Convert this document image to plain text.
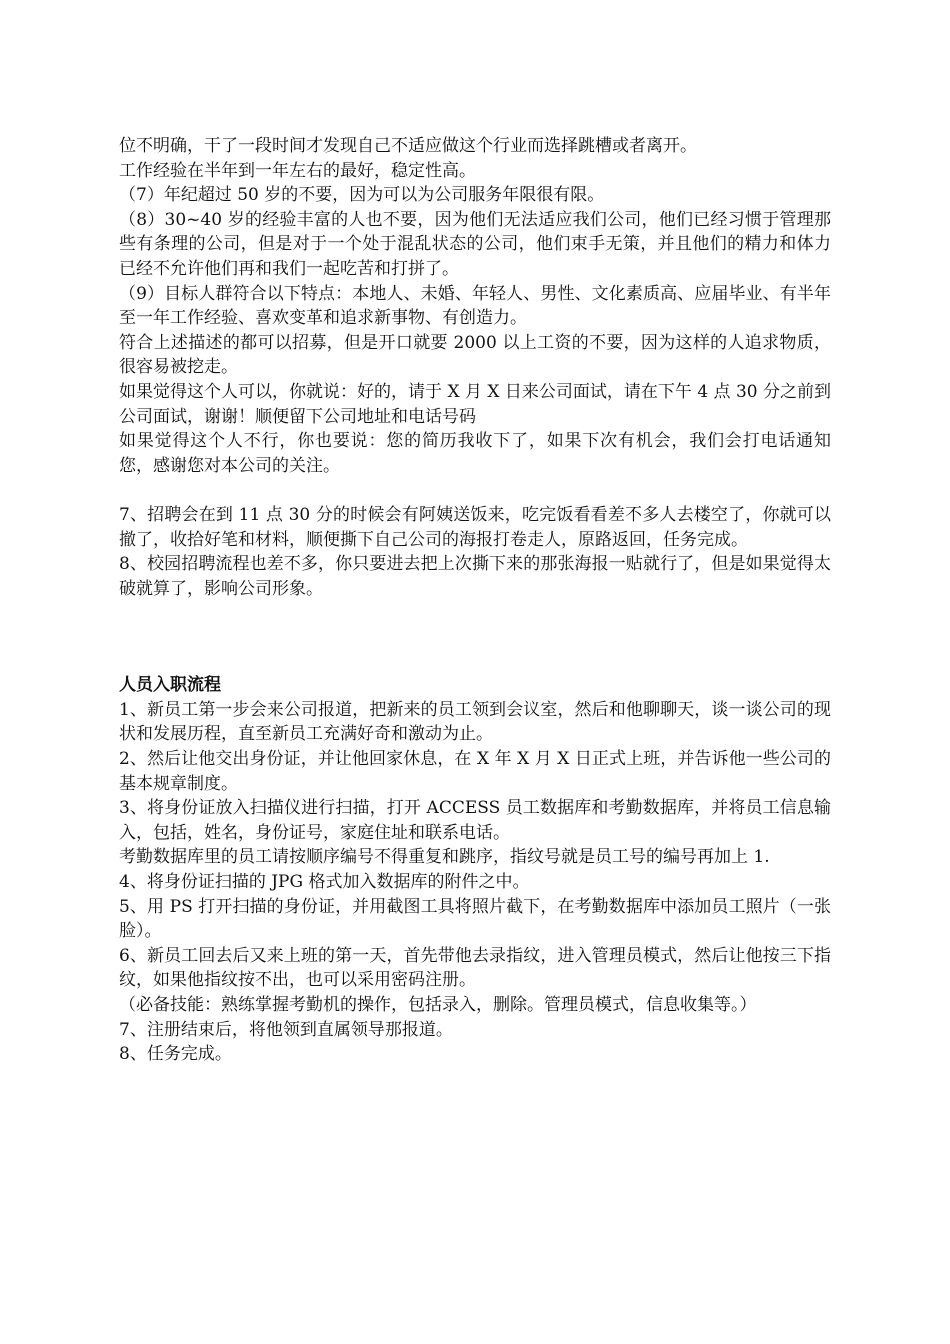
位不明确，干了一段时间才发现自己不适应做这个行业而选择跳槽或者离开。

工作经验在半年到一年左右的最好，稳定性高。

（7）年纪超过 50 岁的不要，因为可以为公司服务年限很有限。

（8）30~40 岁的经验丰富的人也不要，因为他们无法适应我们公司，他们已经习惯于管理那些有条理的公司，但是对于一个处于混乱状态的公司，他们束手无策，并且他们的精力和体力已经不允许他们再和我们一起吃苦和打拼了。

（9）目标人群符合以下特点：本地人、未婚、年轻人、男性、文化素质高、应届毕业、有半年至一年工作经验、喜欢变革和追求新事物、有创造力。

符合上述描述的都可以招募，但是开口就要 2000 以上工资的不要，因为这样的人追求物质，很容易被挖走。

如果觉得这个人可以，你就说：好的，请于 X 月 X 日来公司面试，请在下午 4 点 30 分之前到公司面试，谢谢！顺便留下公司地址和电话号码

如果觉得这个人不行，你也要说：您的简历我收下了，如果下次有机会，我们会打电话通知您，感谢您对本公司的关注。

7、招聘会在到 11 点 30 分的时候会有阿姨送饭来，吃完饭看看差不多人去楼空了，你就可以撤了，收拾好笔和材料，顺便撕下自己公司的海报打卷走人，原路返回，任务完成。

8、校园招聘流程也差不多，你只要进去把上次撕下来的那张海报一贴就行了，但是如果觉得太破就算了，影响公司形象。

人员入职流程

1、新员工第一步会来公司报道，把新来的员工领到会议室，然后和他聊聊天，谈一谈公司的现状和发展历程，直至新员工充满好奇和激动为止。

2、然后让他交出身份证，并让他回家休息，在 X 年 X 月 X 日正式上班，并告诉他一些公司的基本规章制度。

3、将身份证放入扫描仪进行扫描，打开 ACCESS 员工数据库和考勤数据库，并将员工信息输入，包括，姓名，身份证号，家庭住址和联系电话。

考勤数据库里的员工请按顺序编号不得重复和跳序，指纹号就是员工号的编号再加上 1.

4、将身份证扫描的 JPG 格式加入数据库的附件之中。

5、用 PS 打开扫描的身份证，并用截图工具将照片截下，在考勤数据库中添加员工照片（一张脸）。

6、新员工回去后又来上班的第一天，首先带他去录指纹，进入管理员模式，然后让他按三下指纹，如果他指纹按不出，也可以采用密码注册。

（必备技能：熟练掌握考勤机的操作，包括录入，删除。管理员模式，信息收集等。）

7、注册结束后，将他领到直属领导那报道。

8、任务完成。
